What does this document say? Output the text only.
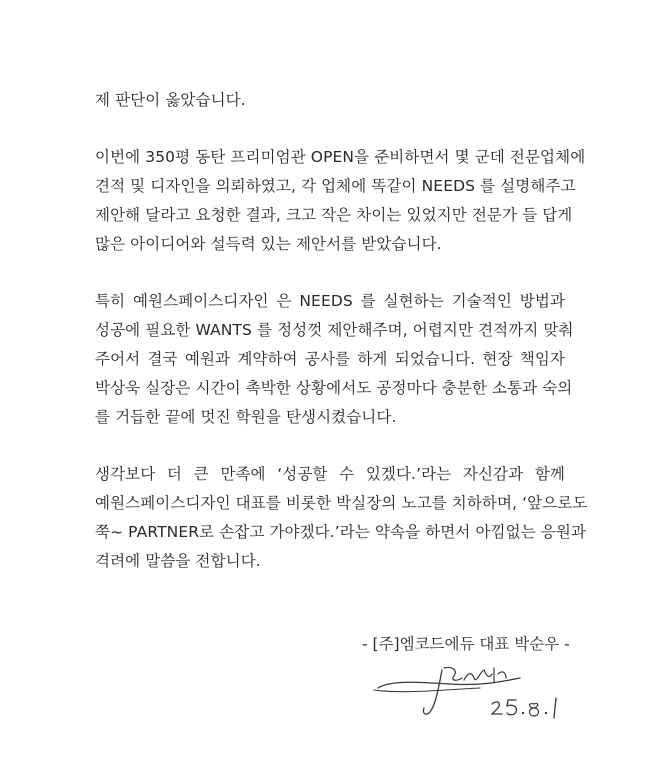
제 판단이 옳았습니다.
이번에 350평 동탄 프리미엄관 OPEN을 준비하면서 몇 군데 전문업체에
견적 및 디자인을 의뢰하였고, 각 업체에 똑같이 NEEDS 를 설명해주고
제안해 달라고 요청한 결과, 크고 작은 차이는 있었지만 전문가 들 답게
많은 아이디어와 설득력 있는 제안서를 받았습니다.
특히 예원스페이스디자인 은 NEEDS 를 실현하는 기술적인 방법과
성공에 필요한 WANTS 를 정성껏 제안해주며, 어렵지만 견적까지 맞춰
주어서 결국 예원과 계약하여 공사를 하게 되었습니다. 현장 책임자
박상욱 실장은 시간이 촉박한 상황에서도 공정마다 충분한 소통과 숙의
를 거듭한 끝에 멋진 학원을 탄생시켰습니다.
생각보다 더 큰 만족에 ‘성공할 수 있겠다.’라는 자신감과 함께
예원스페이스디자인 대표를 비롯한 박실장의 노고를 치하하며, ‘앞으로도
쭉~ PARTNER로 손잡고 가야겠다.’라는 약속을 하면서 아낌없는 응원과
격려에 말씀을 전합니다.
- [주]엠코드에듀 대표 박순우 -
